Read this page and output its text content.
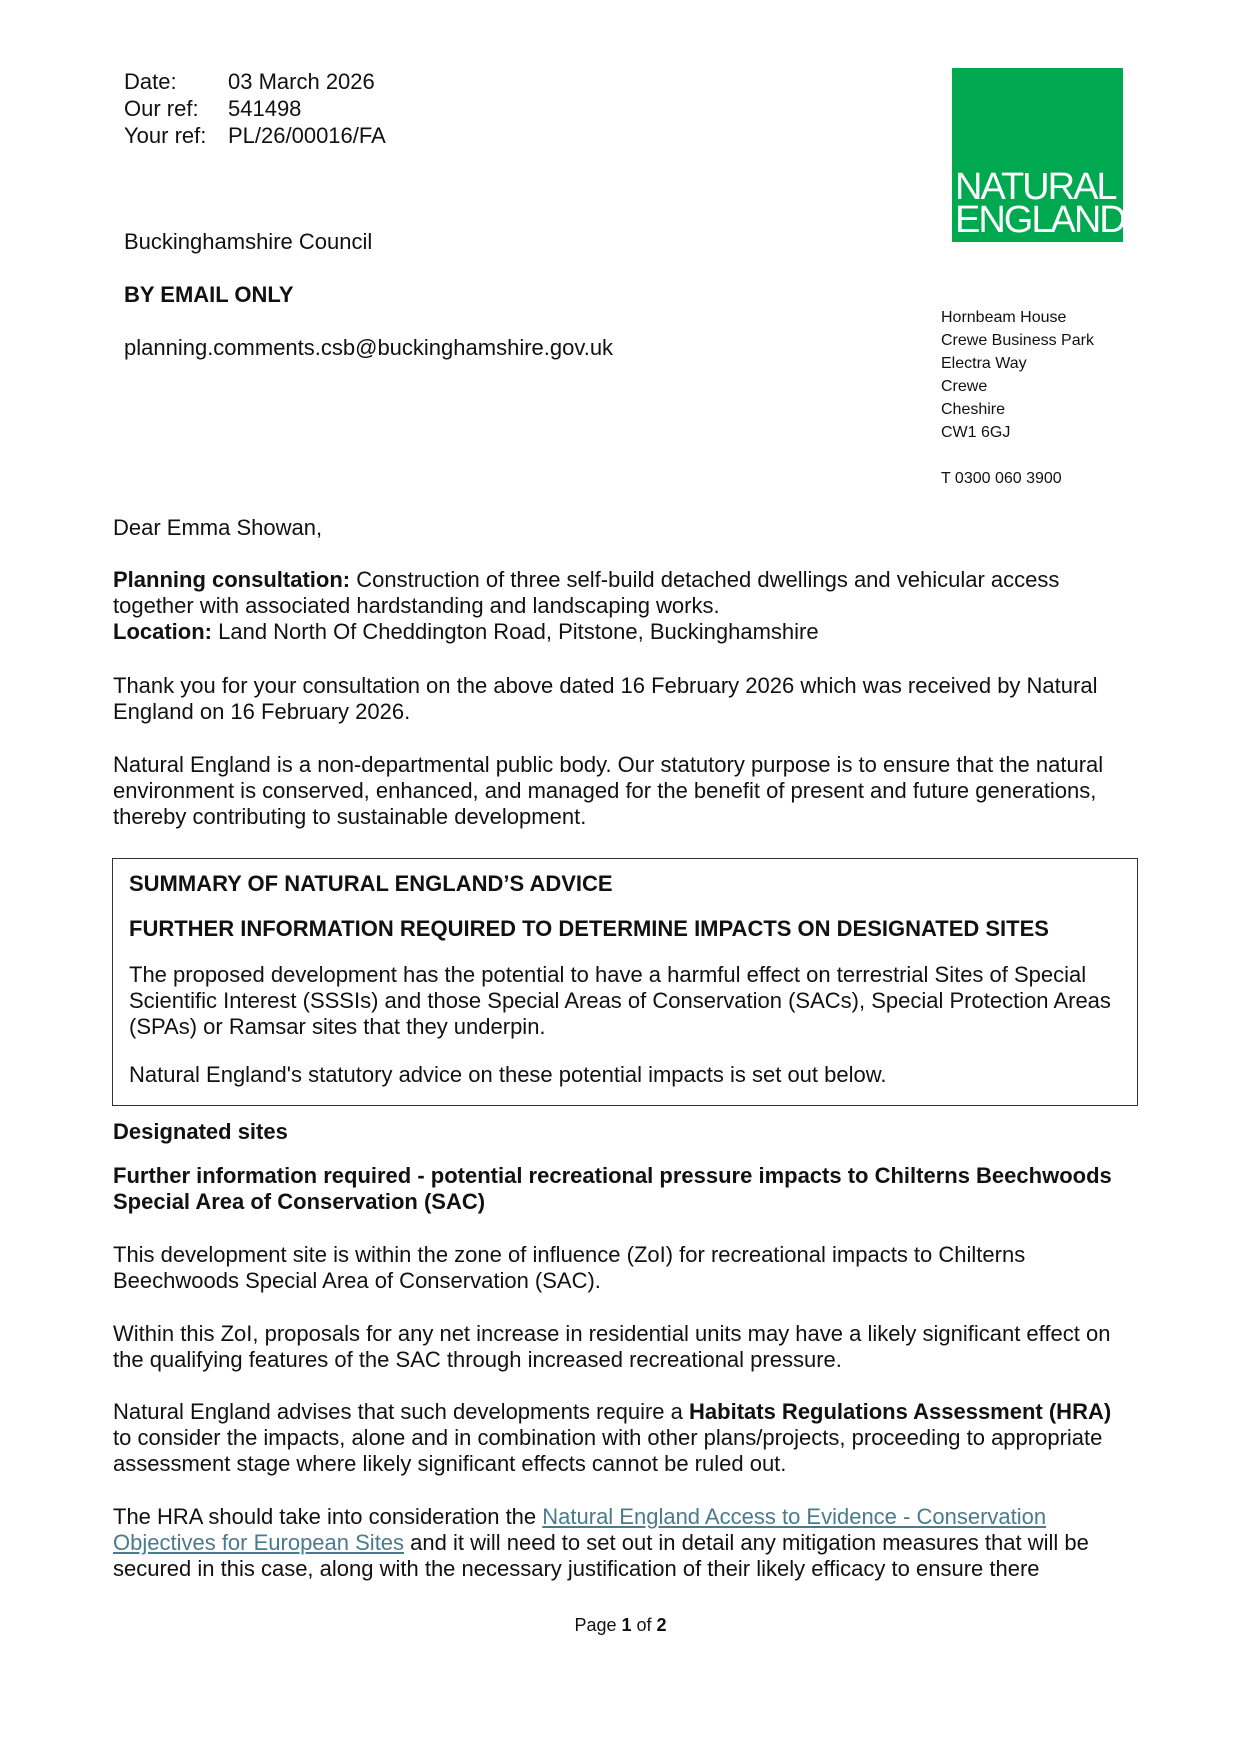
Date:	03 March 2026
Our ref:	541498
Your ref: PL/26/00016/FA
NATURAL
ENGLAND
Buckinghamshire Council
BY EMAIL ONLY
planning.comments.csb@buckinghamshire.gov.uk
Hornbeam House
Crewe Business Park
Electra Way
Crewe
Cheshire
CW1 6GJ
T 0300 060 3900
Dear Emma Showan,
Planning consultation: Construction of three self-build detached dwellings and vehicular access together with associated hardstanding and landscaping works.
Location: Land North Of Cheddington Road, Pitstone, Buckinghamshire
Thank you for your consultation on the above dated 16 February 2026 which was received by Natural England on 16 February 2026.
Natural England is a non-departmental public body. Our statutory purpose is to ensure that the natural environment is conserved, enhanced, and managed for the benefit of present and future generations, thereby contributing to sustainable development.
SUMMARY OF NATURAL ENGLAND’S ADVICE
FURTHER INFORMATION REQUIRED TO DETERMINE IMPACTS ON DESIGNATED SITES
The proposed development has the potential to have a harmful effect on terrestrial Sites of Special Scientific Interest (SSSIs) and those Special Areas of Conservation (SACs), Special Protection Areas (SPAs) or Ramsar sites that they underpin.
Natural England's statutory advice on these potential impacts is set out below.
Designated sites
Further information required - potential recreational pressure impacts to Chilterns Beechwoods Special Area of Conservation (SAC)
This development site is within the zone of influence (ZoI) for recreational impacts to Chilterns Beechwoods Special Area of Conservation (SAC).
Within this ZoI, proposals for any net increase in residential units may have a likely significant effect on the qualifying features of the SAC through increased recreational pressure.
Natural England advises that such developments require a Habitats Regulations Assessment (HRA) to consider the impacts, alone and in combination with other plans/projects, proceeding to appropriate assessment stage where likely significant effects cannot be ruled out.
The HRA should take into consideration the Natural England Access to Evidence - Conservation Objectives for European Sites and it will need to set out in detail any mitigation measures that will be secured in this case, along with the necessary justification of their likely efficacy to ensure there
Page 1 of 2
